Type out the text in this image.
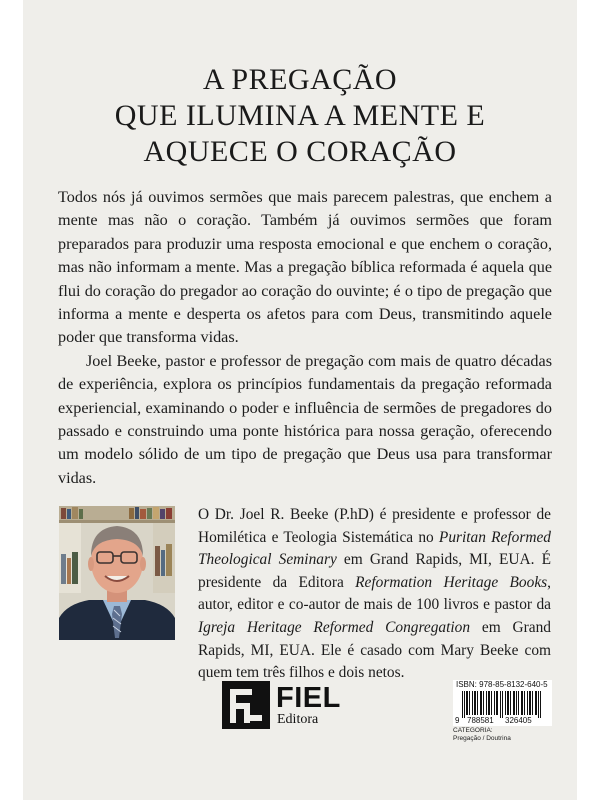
A PREGAÇÃO
QUE ILUMINA A MENTE E
AQUECE O CORAÇÃO

Todos nós já ouvimos sermões que mais parecem palestras, que enchem a mente mas não o coração. Também já ouvimos sermões que foram preparados para produzir uma resposta emocional e que enchem o coração, mas não informam a mente. Mas a pregação bíblica reformada é aquela que flui do coração do pregador ao coração do ouvinte; é o tipo de pregação que informa a mente e desperta os afetos para com Deus, transmitindo aquele poder que transforma vidas.

Joel Beeke, pastor e professor de pregação com mais de quatro décadas de experiência, explora os princípios fundamentais da pregação reformada experiencial, examinando o poder e influência de sermões de pregadores do passado e construindo uma ponte histórica para nossa geração, oferecendo um modelo sólido de um tipo de pregação que Deus usa para transformar vidas.

O Dr. Joel R. Beeke (P.hD) é presidente e professor de Homilética e Teologia Sistemática no Puritan Reformed Theological Seminary em Grand Rapids, MI, EUA. É presidente da Editora Reformation Heritage Books, autor, editor e co-autor de mais de 100 livros e pastor da Igreja Heritage Reformed Congregation em Grand Rapids, MI, EUA. Ele é casado com Mary Beeke com quem tem três filhos e dois netos.
FIEL
Editora
ISBN: 978-85-8132-640-5
9 788581 326405
CATEGORIA:
Pregação / Doutrina
